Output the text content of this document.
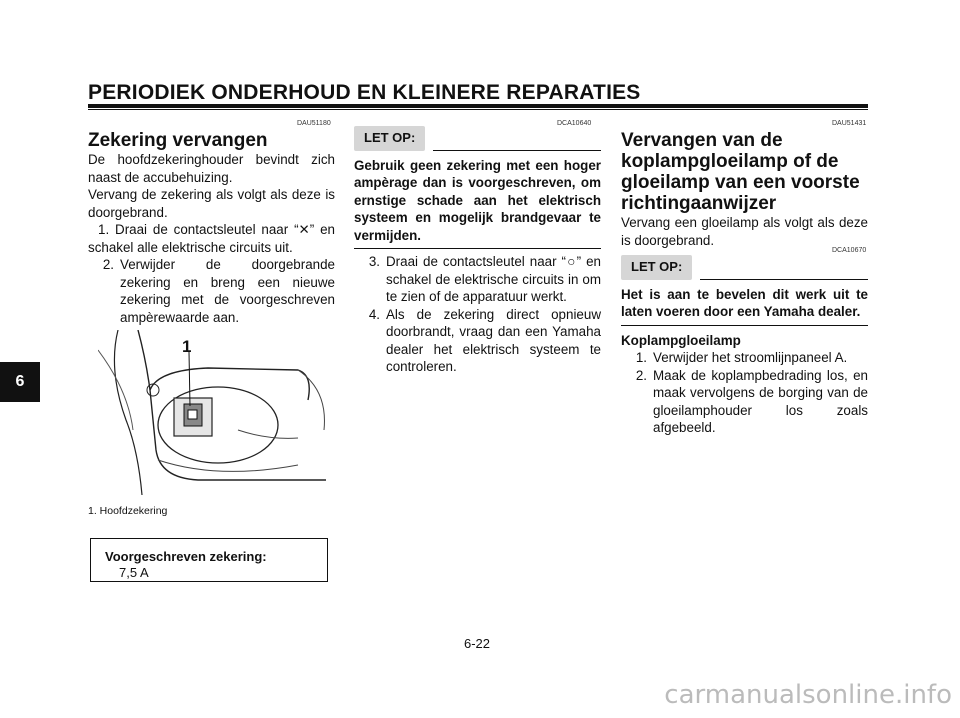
PERIODIEK ONDERHOUD EN KLEINERE REPARATIES
6
DAU51180
Zekering vervangen

De hoofdzekeringhouder bevindt zich naast de accubehuizing.

Vervang de zekering als volgt als deze is doorgebrand.

1. Draai de contactsleutel naar “✕” en schakel alle elektrische circuits uit.

2. Verwijder de doorgebrande zekering en breng een nieuwe zekering met de voorgeschreven ampèrewaarde aan.
1
1. Hoofdzekering
Voorgeschreven zekering:
7,5 A
DCA10640
LET OP:

Gebruik geen zekering met een hoger ampèrage dan is voorgeschreven, om ernstige schade aan het elektrisch systeem en mogelijk brandgevaar te vermijden.

3. Draai de contactsleutel naar “○” en schakel de elektrische circuits in om te zien of de apparatuur werkt.
4. Als de zekering direct opnieuw doorbrandt, vraag dan een Yamaha dealer het elektrisch systeem te controleren.
DAU51431
Vervangen van de koplampgloeilamp of de gloeilamp van een voorste richtingaanwijzer

Vervang een gloeilamp als volgt als deze is doorgebrand.

DCA10670
LET OP:

Het is aan te bevelen dit werk uit te laten voeren door een Yamaha dealer.

Koplampgloeilamp

1. Verwijder het stroomlijnpaneel A.
2. Maak de koplampbedrading los, en maak vervolgens de borging van de gloeilamphouder los zoals afgebeeld.
6-22
carmanualsonline.info
